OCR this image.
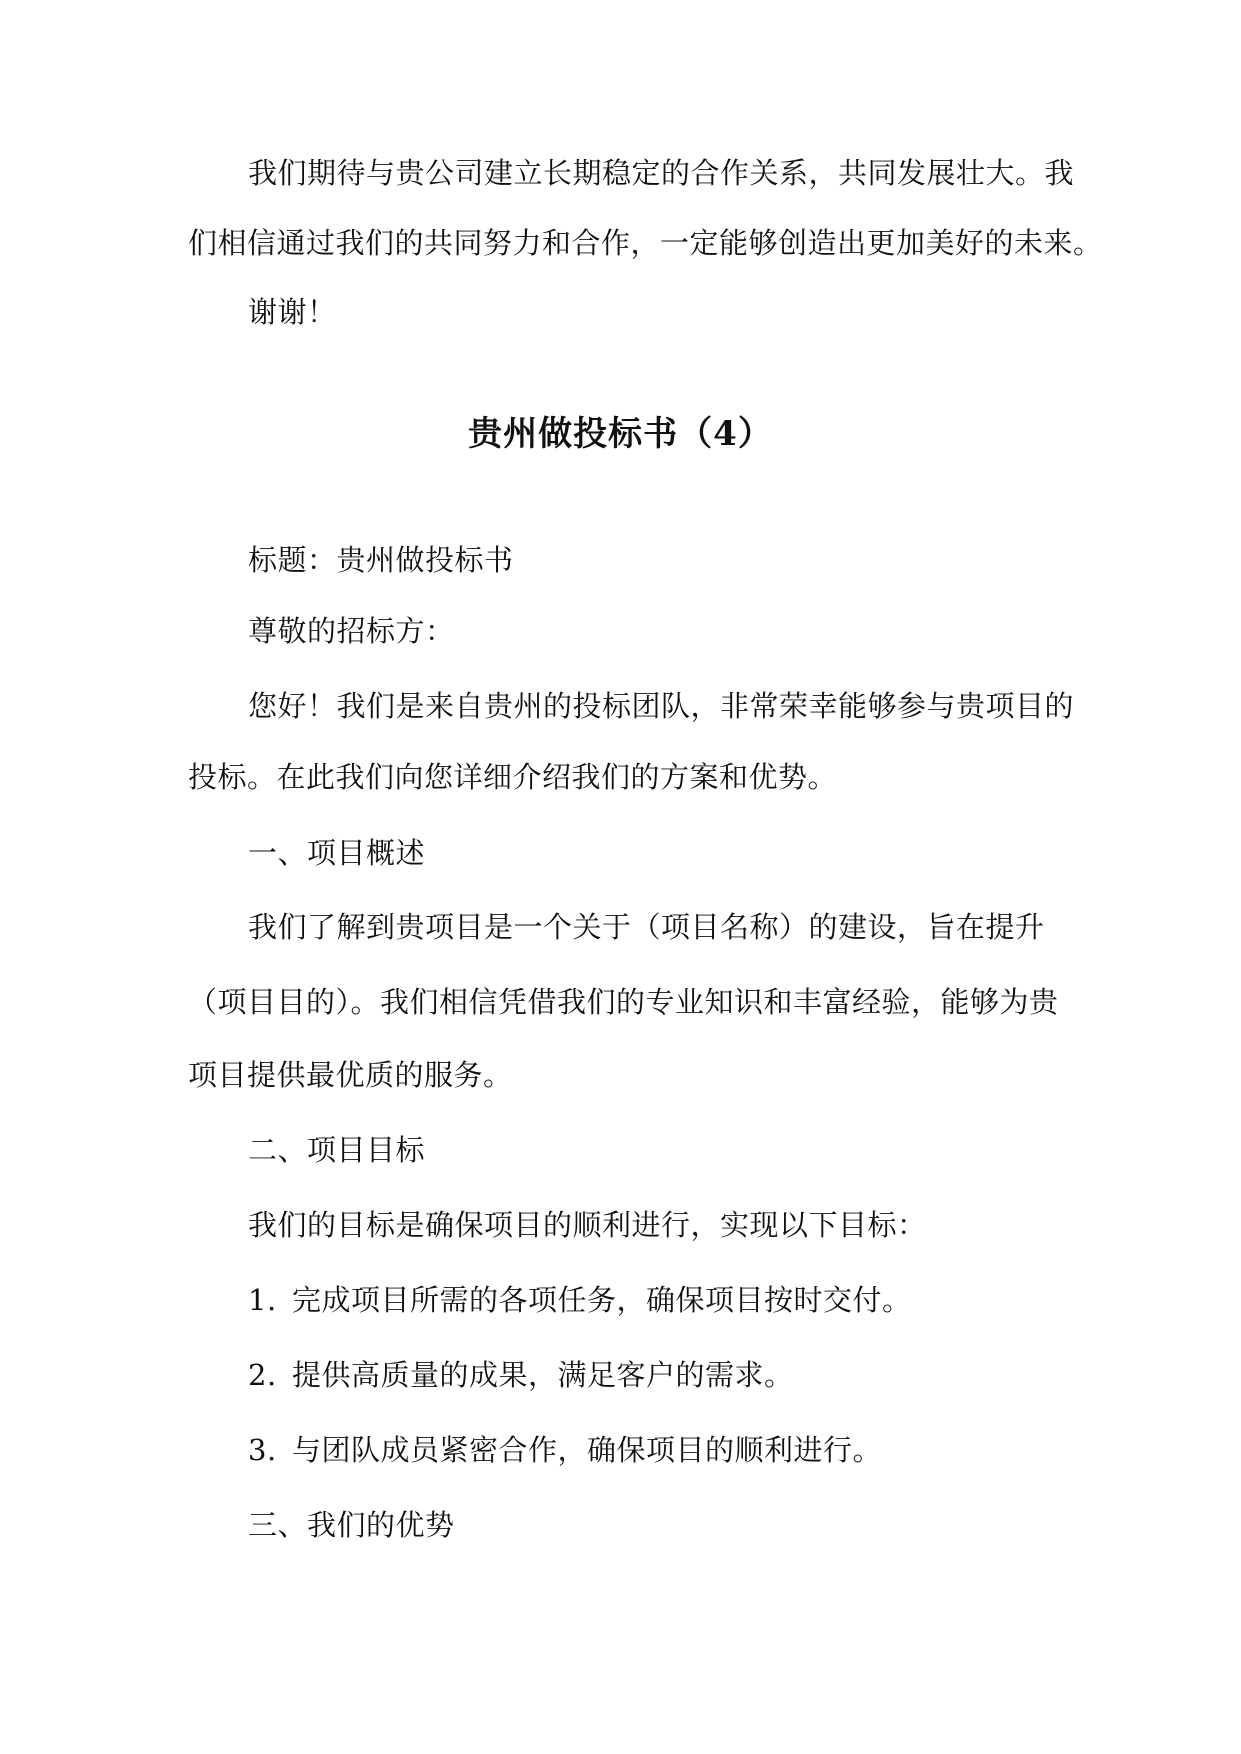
我们期待与贵公司建立长期稳定的合作关系，共同发展壮大。我
们相信通过我们的共同努力和合作，一定能够创造出更加美好的未来。
谢谢！
贵州做投标书（4）
标题：贵州做投标书
尊敬的招标方：
您好！我们是来自贵州的投标团队，非常荣幸能够参与贵项目的
投标。在此我们向您详细介绍我们的方案和优势。
一、项目概述
我们了解到贵项目是一个关于（项目名称）的建设，旨在提升
（项目目的）。我们相信凭借我们的专业知识和丰富经验，能够为贵
项目提供最优质的服务。
二、项目目标
我们的目标是确保项目的顺利进行，实现以下目标：
1. 完成项目所需的各项任务，确保项目按时交付。
2. 提供高质量的成果，满足客户的需求。
3. 与团队成员紧密合作，确保项目的顺利进行。
三、我们的优势
